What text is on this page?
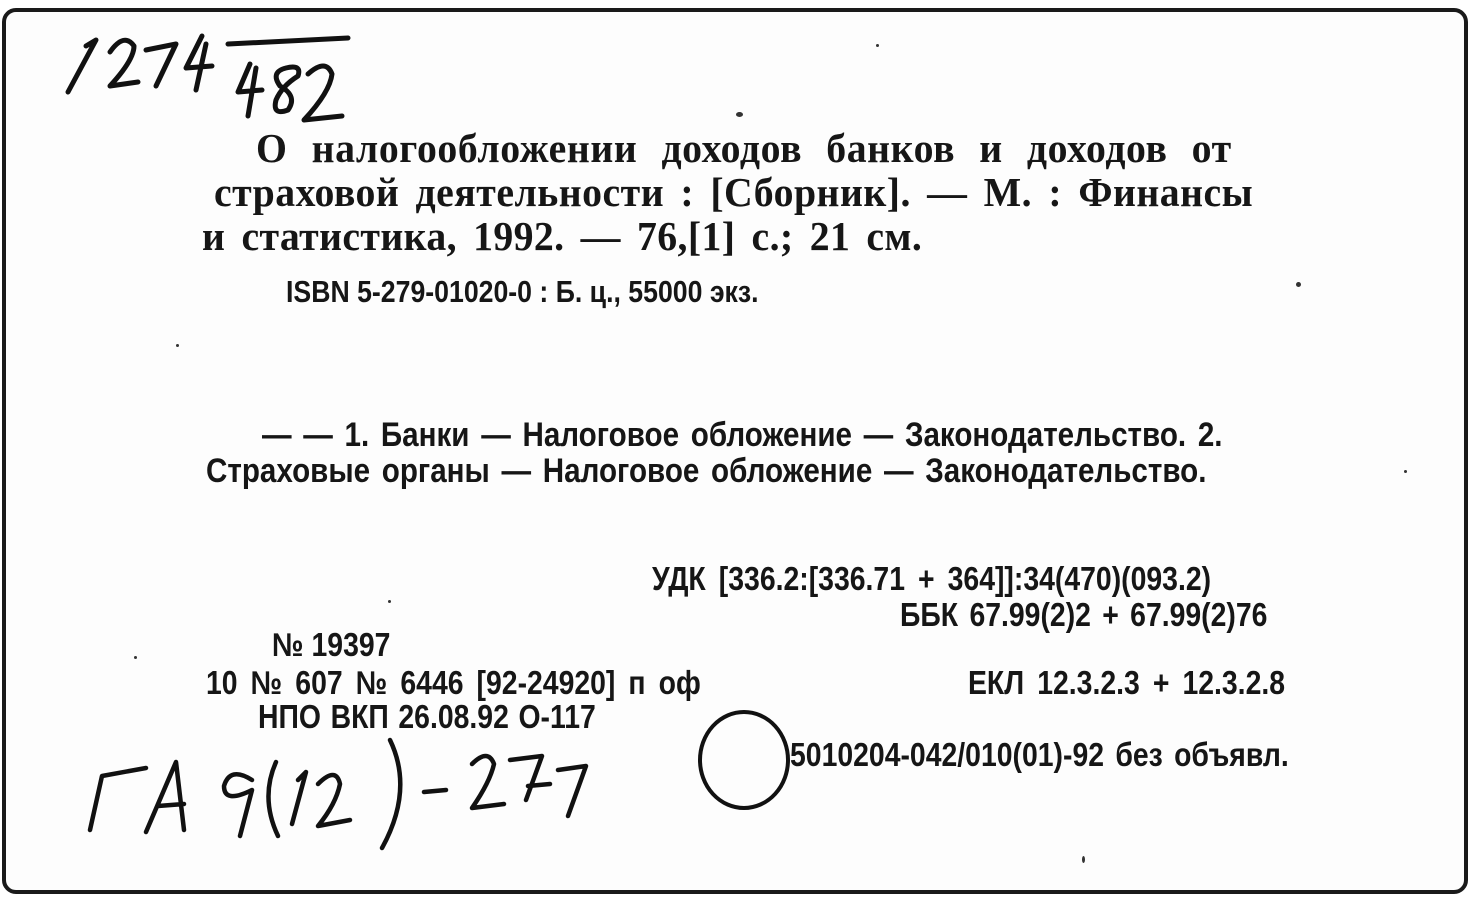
О налогообложении доходов банков и доходов от

страховой деятельности : [Сборник]. — М. : Финансы

и статистика, 1992. — 76,[1] с.; 21 см.

ISBN 5-279-01020-0 : Б. ц., 55000 экз.

— — 1. Банки — Налоговое обложение — Законодательство. 2.

Страховые органы — Налоговое обложение — Законодательство.

УДК [336.2:[336.71 + 364]]:34(470)(093.2)

ББК 67.99(2)2 + 67.99(2)76

№ 19397

10 № 607 № 6446 [92-24920] п оф	ЕКЛ 12.3.2.3 + 12.3.2.8

НПО ВКП 26.08.92 О-117

5010204-042/010(01)-92 без объявл.
